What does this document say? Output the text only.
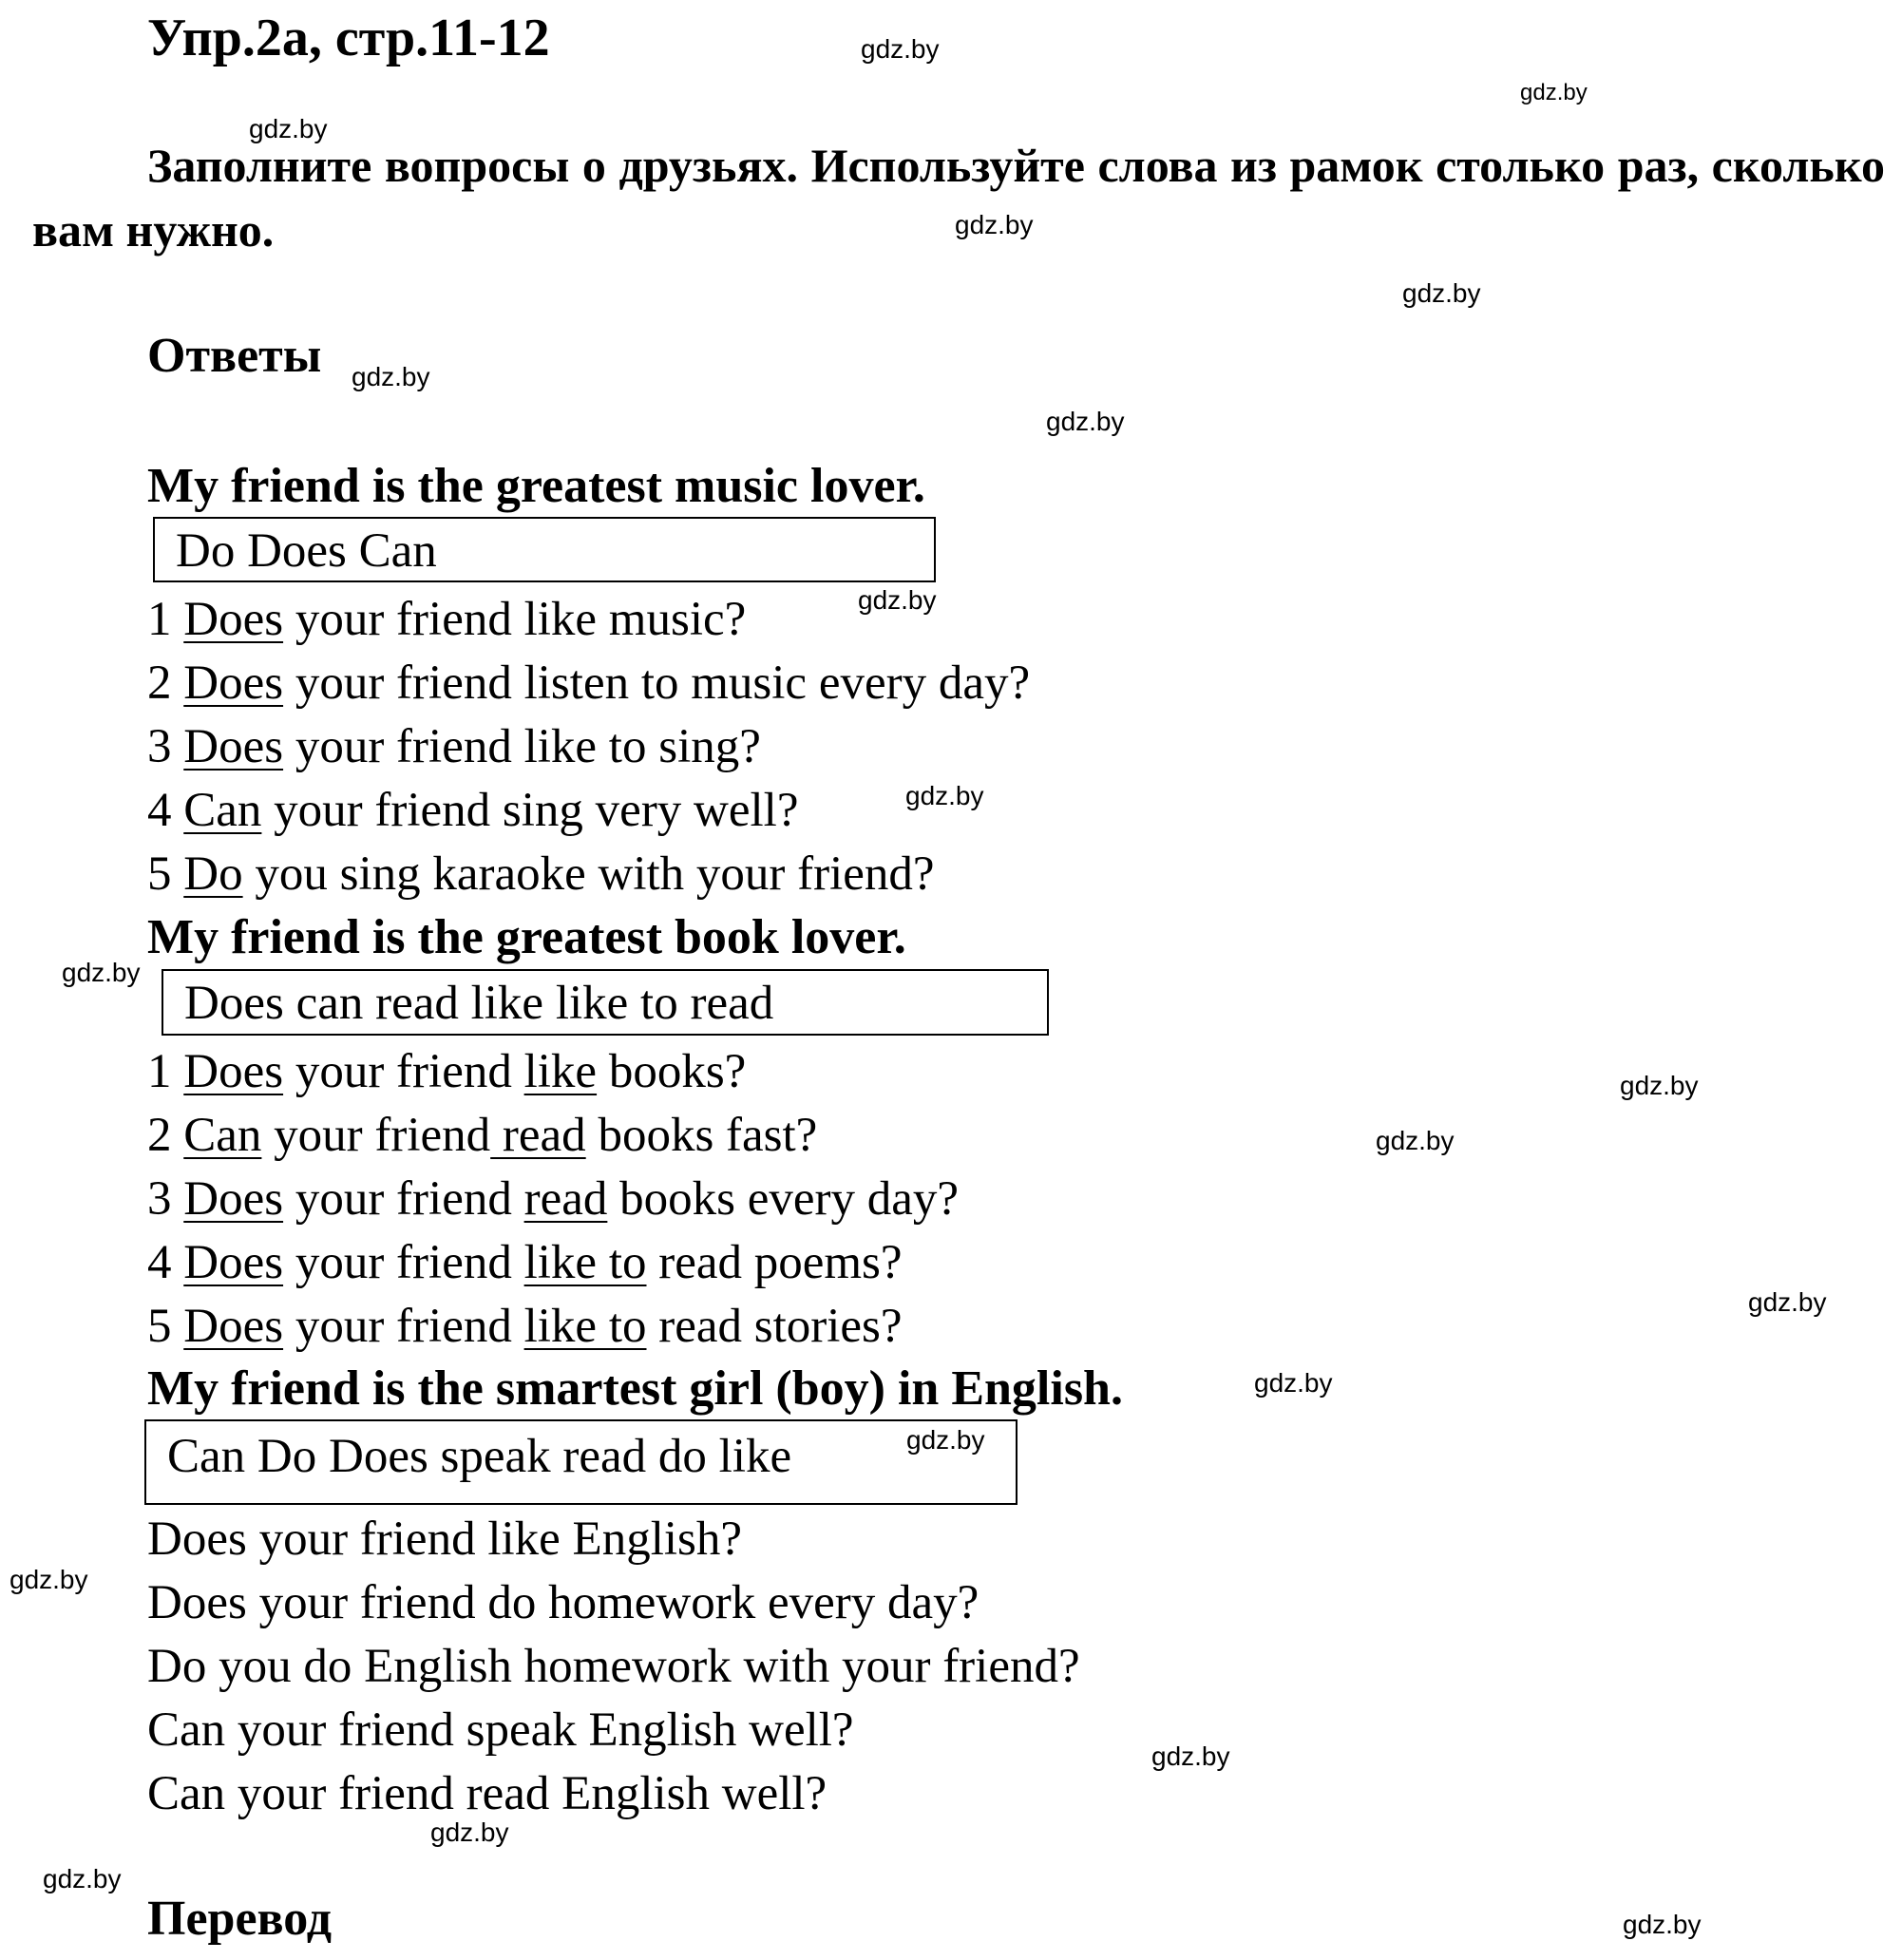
Упр.2а, стр.11-12
Заполните вопросы о друзьях. Используйте слова из рамок столько раз, сколько вам нужно.
Ответы
My friend is the greatest music lover.
Do Does Can
1 Does your friend like music?
2 Does your friend listen to music every day?
3 Does your friend like to sing?
4 Can your friend sing very well?
5 Do you sing karaoke with your friend?
My friend is the greatest book lover.
Does can read like like to read
1 Does your friend like books?
2 Can your friend read books fast?
3 Does your friend read books every day?
4 Does your friend like to read poems?
5 Does your friend like to read stories?
My friend is the smartest girl (boy) in English.
Can Do Does speak read do like
Does your friend like English?
Does your friend do homework every day?
Do you do English homework with your friend?
Can your friend speak English well?
Can your friend read English well?
Перевод
gdz.by
gdz.by
gdz.by
gdz.by
gdz.by
gdz.by
gdz.by
gdz.by
gdz.by
gdz.by
gdz.by
gdz.by
gdz.by
gdz.by
gdz.by
gdz.by
gdz.by
gdz.by
gdz.by
gdz.by
